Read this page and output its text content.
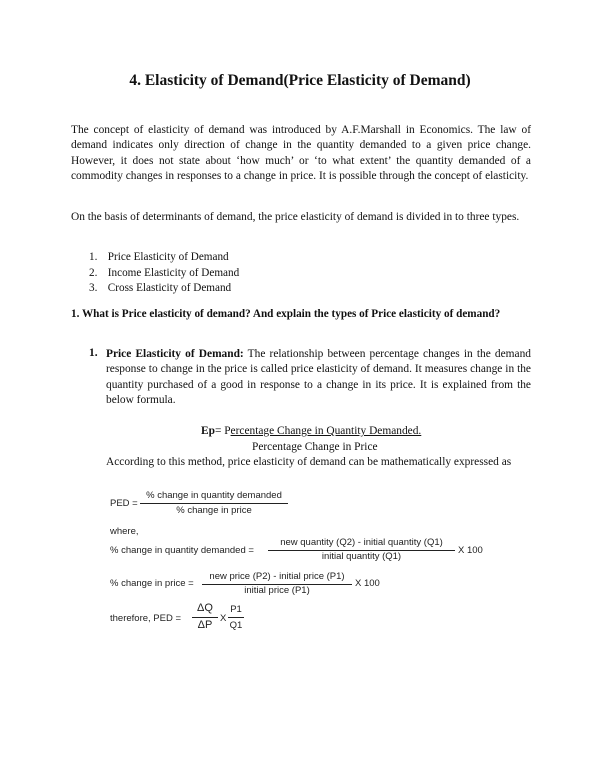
4. Elasticity of Demand(Price Elasticity of Demand)
The concept of elasticity of demand was introduced by A.F.Marshall in Economics. The law of demand indicates only direction of change in the quantity demanded to a given price change. However, it does not state about ‘how much’ or ‘to what extent’ the quantity demanded of a commodity changes in responses to a change in price. It is possible through the concept of elasticity.
On the basis of determinants of demand, the price elasticity of demand is divided in to three types.
1. Price Elasticity of Demand
2. Income Elasticity of Demand
3. Cross Elasticity of Demand
1. What is Price elasticity of demand? And explain the types of Price elasticity of demand?
1. Price Elasticity of Demand: The relationship between percentage changes in the demand response to change in the price is called price elasticity of demand. It measures change in the quantity purchased of a good in response to a change in its price. It is explained from the below formula.
Ep= Percentage Change in Quantity Demanded.
Percentage Change in Price
According to this method, price elasticity of demand can be mathematically expressed as
PED =
% change in quantity demanded
% change in price
where,
% change in quantity demanded =
new quantity (Q2) - initial quantity (Q1)
initial quantity (Q1)
X 100
% change in price =
new price (P2) - initial price (P1)
initial price (P1)
X 100
therefore, PED =
ΔQ
ΔP
X
P1
Q1
